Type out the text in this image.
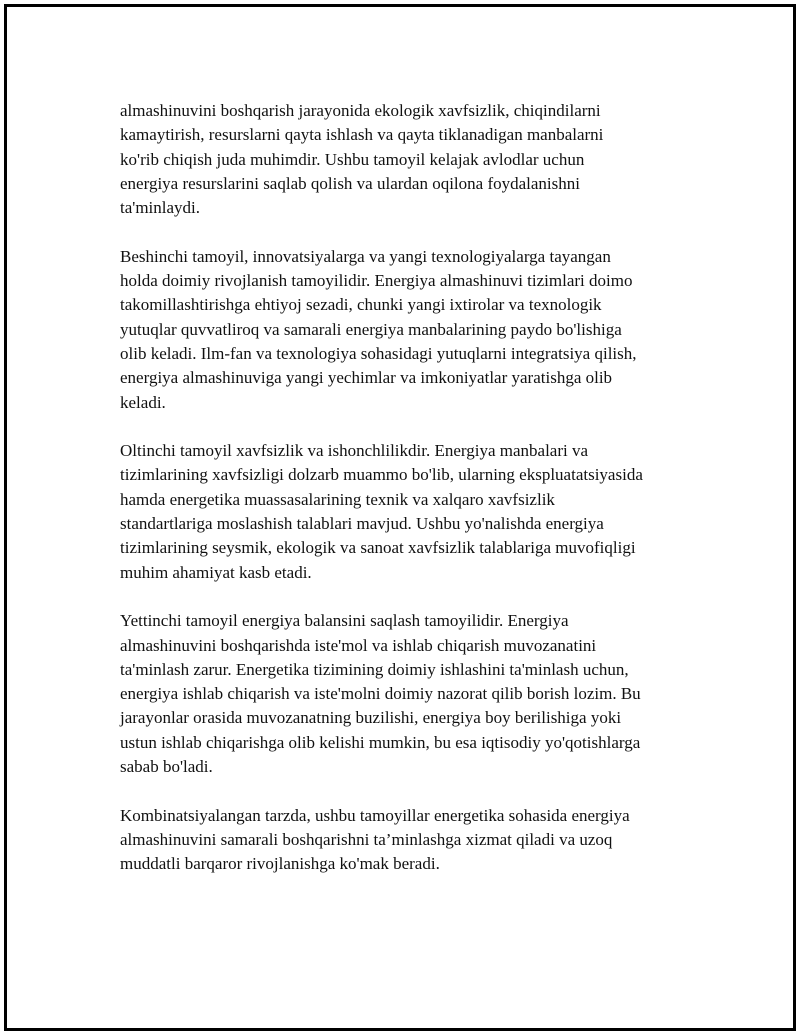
almashinuvini boshqarish jarayonida ekologik xavfsizlik, chiqindilarni
kamaytirish, resurslarni qayta ishlash va qayta tiklanadigan manbalarni
ko'rib chiqish juda muhimdir. Ushbu tamoyil kelajak avlodlar uchun
energiya resurslarini saqlab qolish va ulardan oqilona foydalanishni
ta'minlaydi.

Beshinchi tamoyil, innovatsiyalarga va yangi texnologiyalarga tayangan
holda doimiy rivojlanish tamoyilidir. Energiya almashinuvi tizimlari doimo
takomillashtirishga ehtiyoj sezadi, chunki yangi ixtirolar va texnologik
yutuqlar quvvatliroq va samarali energiya manbalarining paydo bo'lishiga
olib keladi. Ilm-fan va texnologiya sohasidagi yutuqlarni integratsiya qilish,
energiya almashinuviga yangi yechimlar va imkoniyatlar yaratishga olib
keladi.

Oltinchi tamoyil xavfsizlik va ishonchlilikdir. Energiya manbalari va
tizimlarining xavfsizligi dolzarb muammo bo'lib, ularning ekspluatatsiyasida
hamda energetika muassasalarining texnik va xalqaro xavfsizlik
standartlariga moslashish talablari mavjud. Ushbu yo'nalishda energiya
tizimlarining seysmik, ekologik va sanoat xavfsizlik talablariga muvofiqligi
muhim ahamiyat kasb etadi.

Yettinchi tamoyil energiya balansini saqlash tamoyilidir. Energiya
almashinuvini boshqarishda iste'mol va ishlab chiqarish muvozanatini
ta'minlash zarur. Energetika tizimining doimiy ishlashini ta'minlash uchun,
energiya ishlab chiqarish va iste'molni doimiy nazorat qilib borish lozim. Bu
jarayonlar orasida muvozanatning buzilishi, energiya boy berilishiga yoki
ustun ishlab chiqarishga olib kelishi mumkin, bu esa iqtisodiy yo'qotishlarga
sabab bo'ladi.

Kombinatsiyalangan tarzda, ushbu tamoyillar energetika sohasida energiya
almashinuvini samarali boshqarishni ta’minlashga xizmat qiladi va uzoq
muddatli barqaror rivojlanishga ko'mak beradi.
